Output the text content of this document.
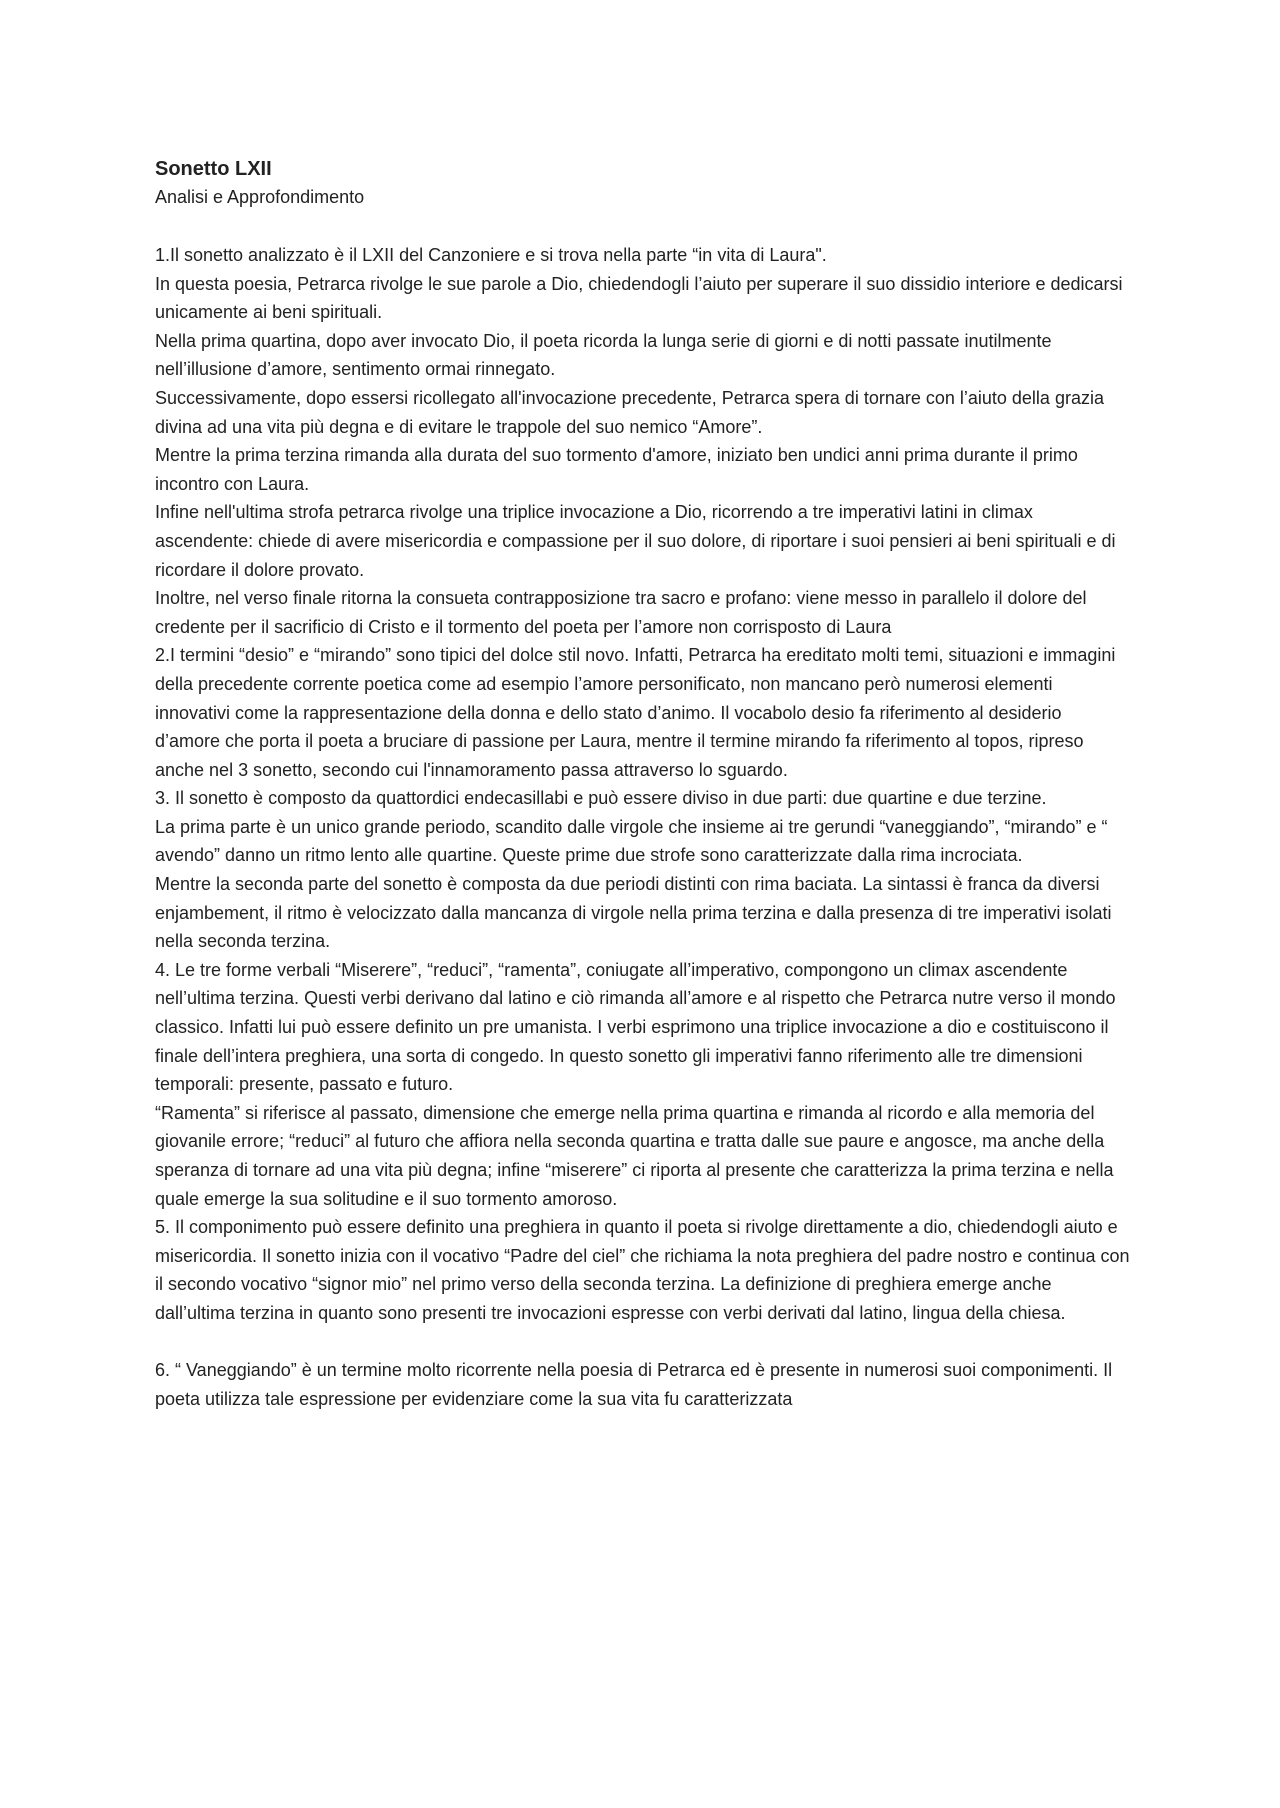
Sonetto LXII

Analisi e Approfondimento

1.Il sonetto analizzato è il LXII del Canzoniere e si trova nella parte “in vita di Laura".

In questa poesia, Petrarca rivolge le sue parole a Dio, chiedendogli l’aiuto per superare il suo dissidio interiore e dedicarsi unicamente ai beni spirituali.

Nella prima quartina, dopo aver invocato Dio, il poeta ricorda la lunga serie di giorni e di notti passate inutilmente nell’illusione d’amore, sentimento ormai rinnegato.

Successivamente, dopo essersi ricollegato all'invocazione precedente, Petrarca spera di tornare con l’aiuto della grazia divina ad una vita più degna e di evitare le trappole del suo nemico “Amore”.

Mentre la prima terzina rimanda alla durata del suo tormento d'amore, iniziato ben undici anni prima durante il primo incontro con Laura.

Infine nell'ultima strofa petrarca rivolge una triplice invocazione a Dio, ricorrendo a tre imperativi latini in climax ascendente: chiede di avere misericordia e compassione per il suo dolore, di riportare i suoi pensieri ai beni spirituali e di ricordare il dolore provato.

Inoltre, nel verso finale ritorna la consueta contrapposizione tra sacro e profano: viene messo in parallelo il dolore del credente per il sacrificio di Cristo e il tormento del poeta per l’amore non corrisposto di Laura

2.I termini “desio” e “mirando” sono tipici del dolce stil novo. Infatti, Petrarca ha ereditato molti temi, situazioni e immagini della precedente corrente poetica come ad esempio l’amore personificato, non mancano però numerosi elementi innovativi come la rappresentazione della donna e dello stato d’animo. Il vocabolo desio fa riferimento al desiderio d’amore che porta il poeta a bruciare di passione per Laura, mentre il termine mirando fa riferimento al topos, ripreso anche nel 3 sonetto, secondo cui l'innamoramento passa attraverso lo sguardo.

3. Il sonetto è composto da quattordici endecasillabi e può essere diviso in due parti: due quartine e due terzine.

La prima parte è un unico grande periodo, scandito dalle virgole che insieme ai tre gerundi “vaneggiando”, “mirando” e “ avendo” danno un ritmo lento alle quartine. Queste prime due strofe sono caratterizzate dalla rima incrociata.

Mentre la seconda parte del sonetto è composta da due periodi distinti con rima baciata. La sintassi è franca da diversi enjambement, il ritmo è velocizzato dalla mancanza di virgole nella prima terzina e dalla presenza di tre imperativi isolati nella seconda terzina.

4. Le tre forme verbali “Miserere”, “reduci”, “ramenta”, coniugate all’imperativo, compongono un climax ascendente nell’ultima terzina. Questi verbi derivano dal latino e ciò rimanda all’amore e al rispetto che Petrarca nutre verso il mondo classico. Infatti lui può essere definito un pre umanista. I verbi esprimono una triplice invocazione a dio e costituiscono il finale dell’intera preghiera, una sorta di congedo. In questo sonetto gli imperativi fanno riferimento alle tre dimensioni temporali: presente, passato e futuro.

“Ramenta” si riferisce al passato, dimensione che emerge nella prima quartina e rimanda al ricordo e alla memoria del giovanile errore; “reduci” al futuro che affiora nella seconda quartina e tratta dalle sue paure e angosce, ma anche della speranza di tornare ad una vita più degna; infine “miserere” ci riporta al presente che caratterizza la prima terzina e nella quale emerge la sua solitudine e il suo tormento amoroso.

5. Il componimento può essere definito una preghiera in quanto il poeta si rivolge direttamente a dio, chiedendogli aiuto e misericordia. Il sonetto inizia con il vocativo “Padre del ciel” che richiama la nota preghiera del padre nostro e continua con il secondo vocativo “signor mio” nel primo verso della seconda terzina. La definizione di preghiera emerge anche dall’ultima terzina in quanto sono presenti tre invocazioni espresse con verbi derivati dal latino, lingua della chiesa.

6. “ Vaneggiando” è un termine molto ricorrente nella poesia di Petrarca ed è presente in numerosi suoi componimenti. Il poeta utilizza tale espressione per evidenziare come la sua vita fu caratterizzata
